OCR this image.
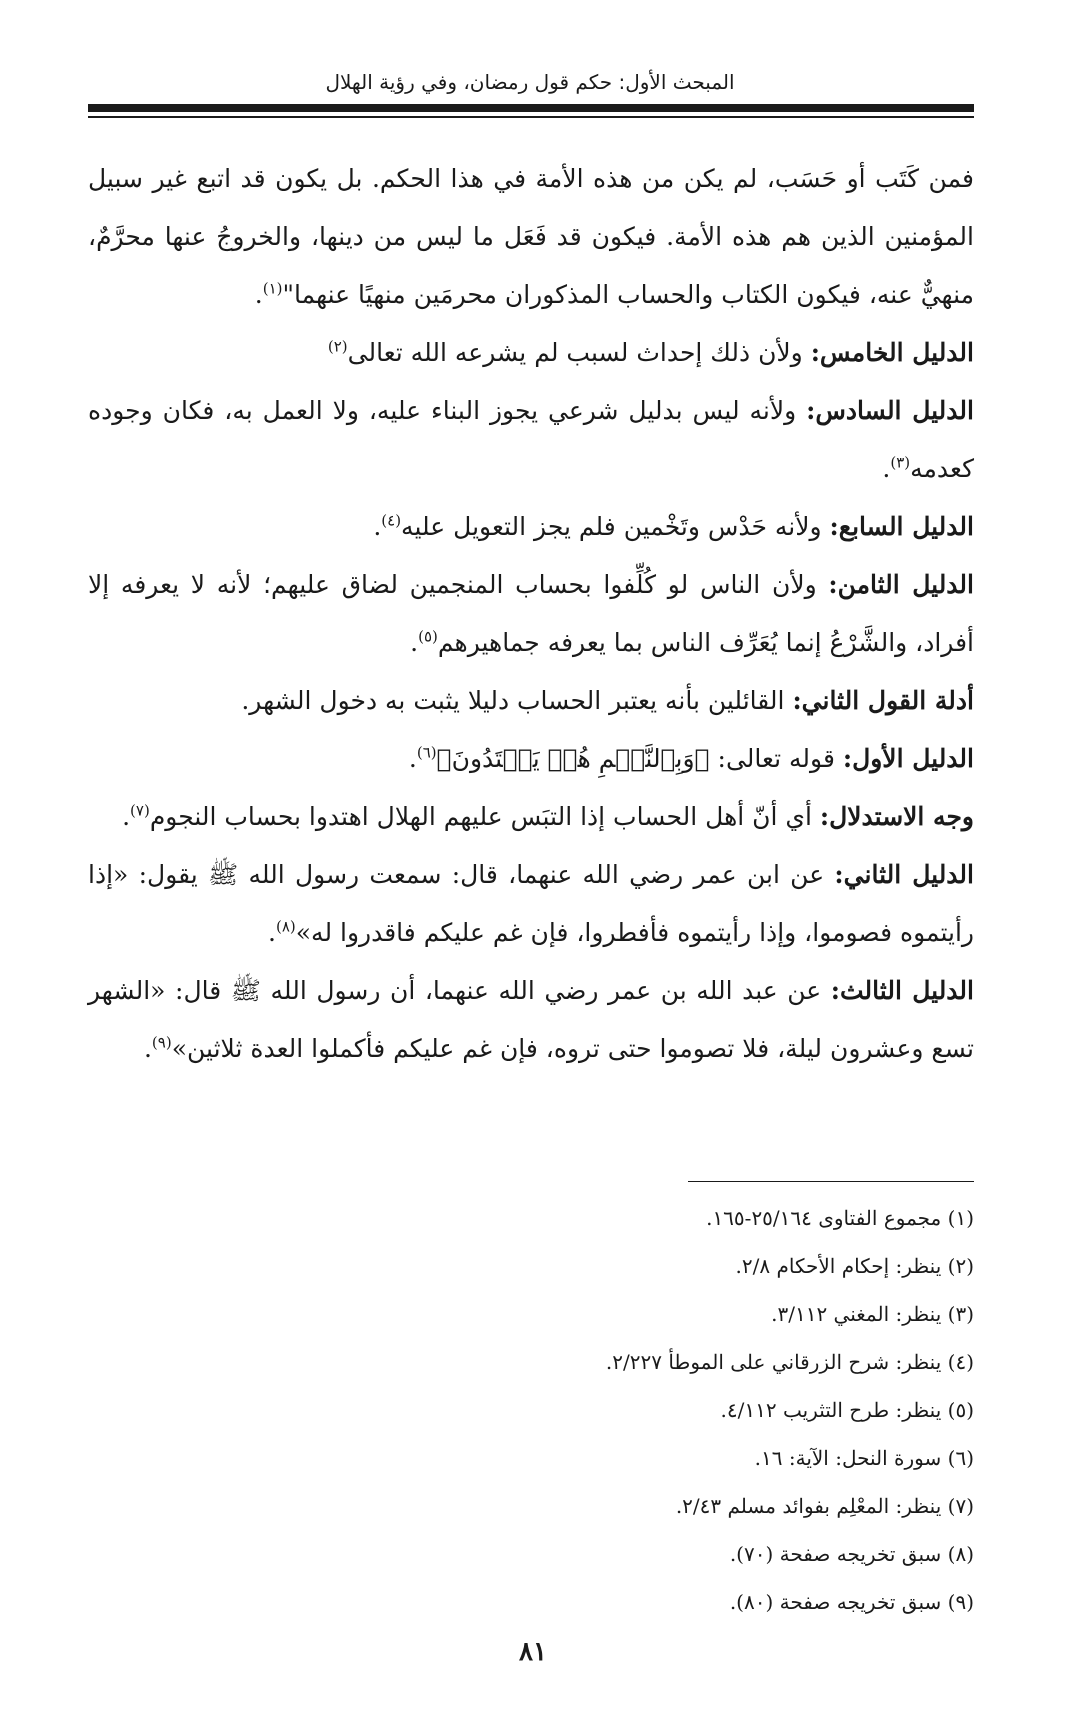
المبحث الأول: حكم قول رمضان، وفي رؤية الهلال

فمن كَتَب أو حَسَب، لم يكن من هذه الأمة في هذا الحكم. بل يكون قد اتبع غير سبيل المؤمنين الذين هم هذه الأمة. فيكون قد فَعَل ما ليس من دينها، والخروجُ عنها محرَّمٌ، منهيٌّ عنه، فيكون الكتاب والحساب المذكوران محرمَين منهيًا عنهما"$^{(١)}$.

الدليل الخامس: ولأن ذلك إحداث لسبب لم يشرعه الله تعالى$^{(٢)}$

الدليل السادس: ولأنه ليس بدليل شرعي يجوز البناء عليه، ولا العمل به، فكان وجوده كعدمه$^{(٣)}$.

الدليل السابع: ولأنه حَدْس وتَخْمين فلم يجز التعويل عليه$^{(٤)}$.

الدليل الثامن: ولأن الناس لو كُلِّفوا بحساب المنجمين لضاق عليهم؛ لأنه لا يعرفه إلا أفراد، والشَّرْعُ إنما يُعَرِّف الناس بما يعرفه جماهيرهم$^{(٥)}$.

أدلة القول الثاني: القائلين بأنه يعتبر الحساب دليلا يثبت به دخول الشهر.

الدليل الأول: قوله تعالى: ﴿وَبِٱلنَّجۡمِ هُمۡ يَهۡتَدُونَ﴾$^{(٦)}$.

وجه الاستدلال: أي أنّ أهل الحساب إذا التبَس عليهم الهلال اهتدوا بحساب النجوم$^{(٧)}$.

الدليل الثاني: عن ابن عمر رضي الله عنهما، قال: سمعت رسول الله ﷺ يقول: «إذا رأيتموه فصوموا، وإذا رأيتموه فأفطروا، فإن غم عليكم فاقدروا له»$^{(٨)}$.

الدليل الثالث: عن عبد الله بن عمر رضي الله عنهما، أن رسول الله ﷺ قال: «الشهر تسع وعشرون ليلة، فلا تصوموا حتى تروه، فإن غم عليكم فأكملوا العدة ثلاثين»$^{(٩)}$.

(١) مجموع الفتاوى ٢٥/١٦٤-١٦٥.

(٢) ينظر: إحكام الأحكام ٢/٨.

(٣) ينظر: المغني ٣/١١٢.

(٤) ينظر: شرح الزرقاني على الموطأ ٢/٢٢٧.

(٥) ينظر: طرح التثريب ٤/١١٢.

(٦) سورة النحل: الآية: ١٦.

(٧) ينظر: المعْلِم بفوائد مسلم ٢/٤٣.

(٨) سبق تخريجه صفحة (٧٠).

(٩) سبق تخريجه صفحة (٨٠).

٨١
